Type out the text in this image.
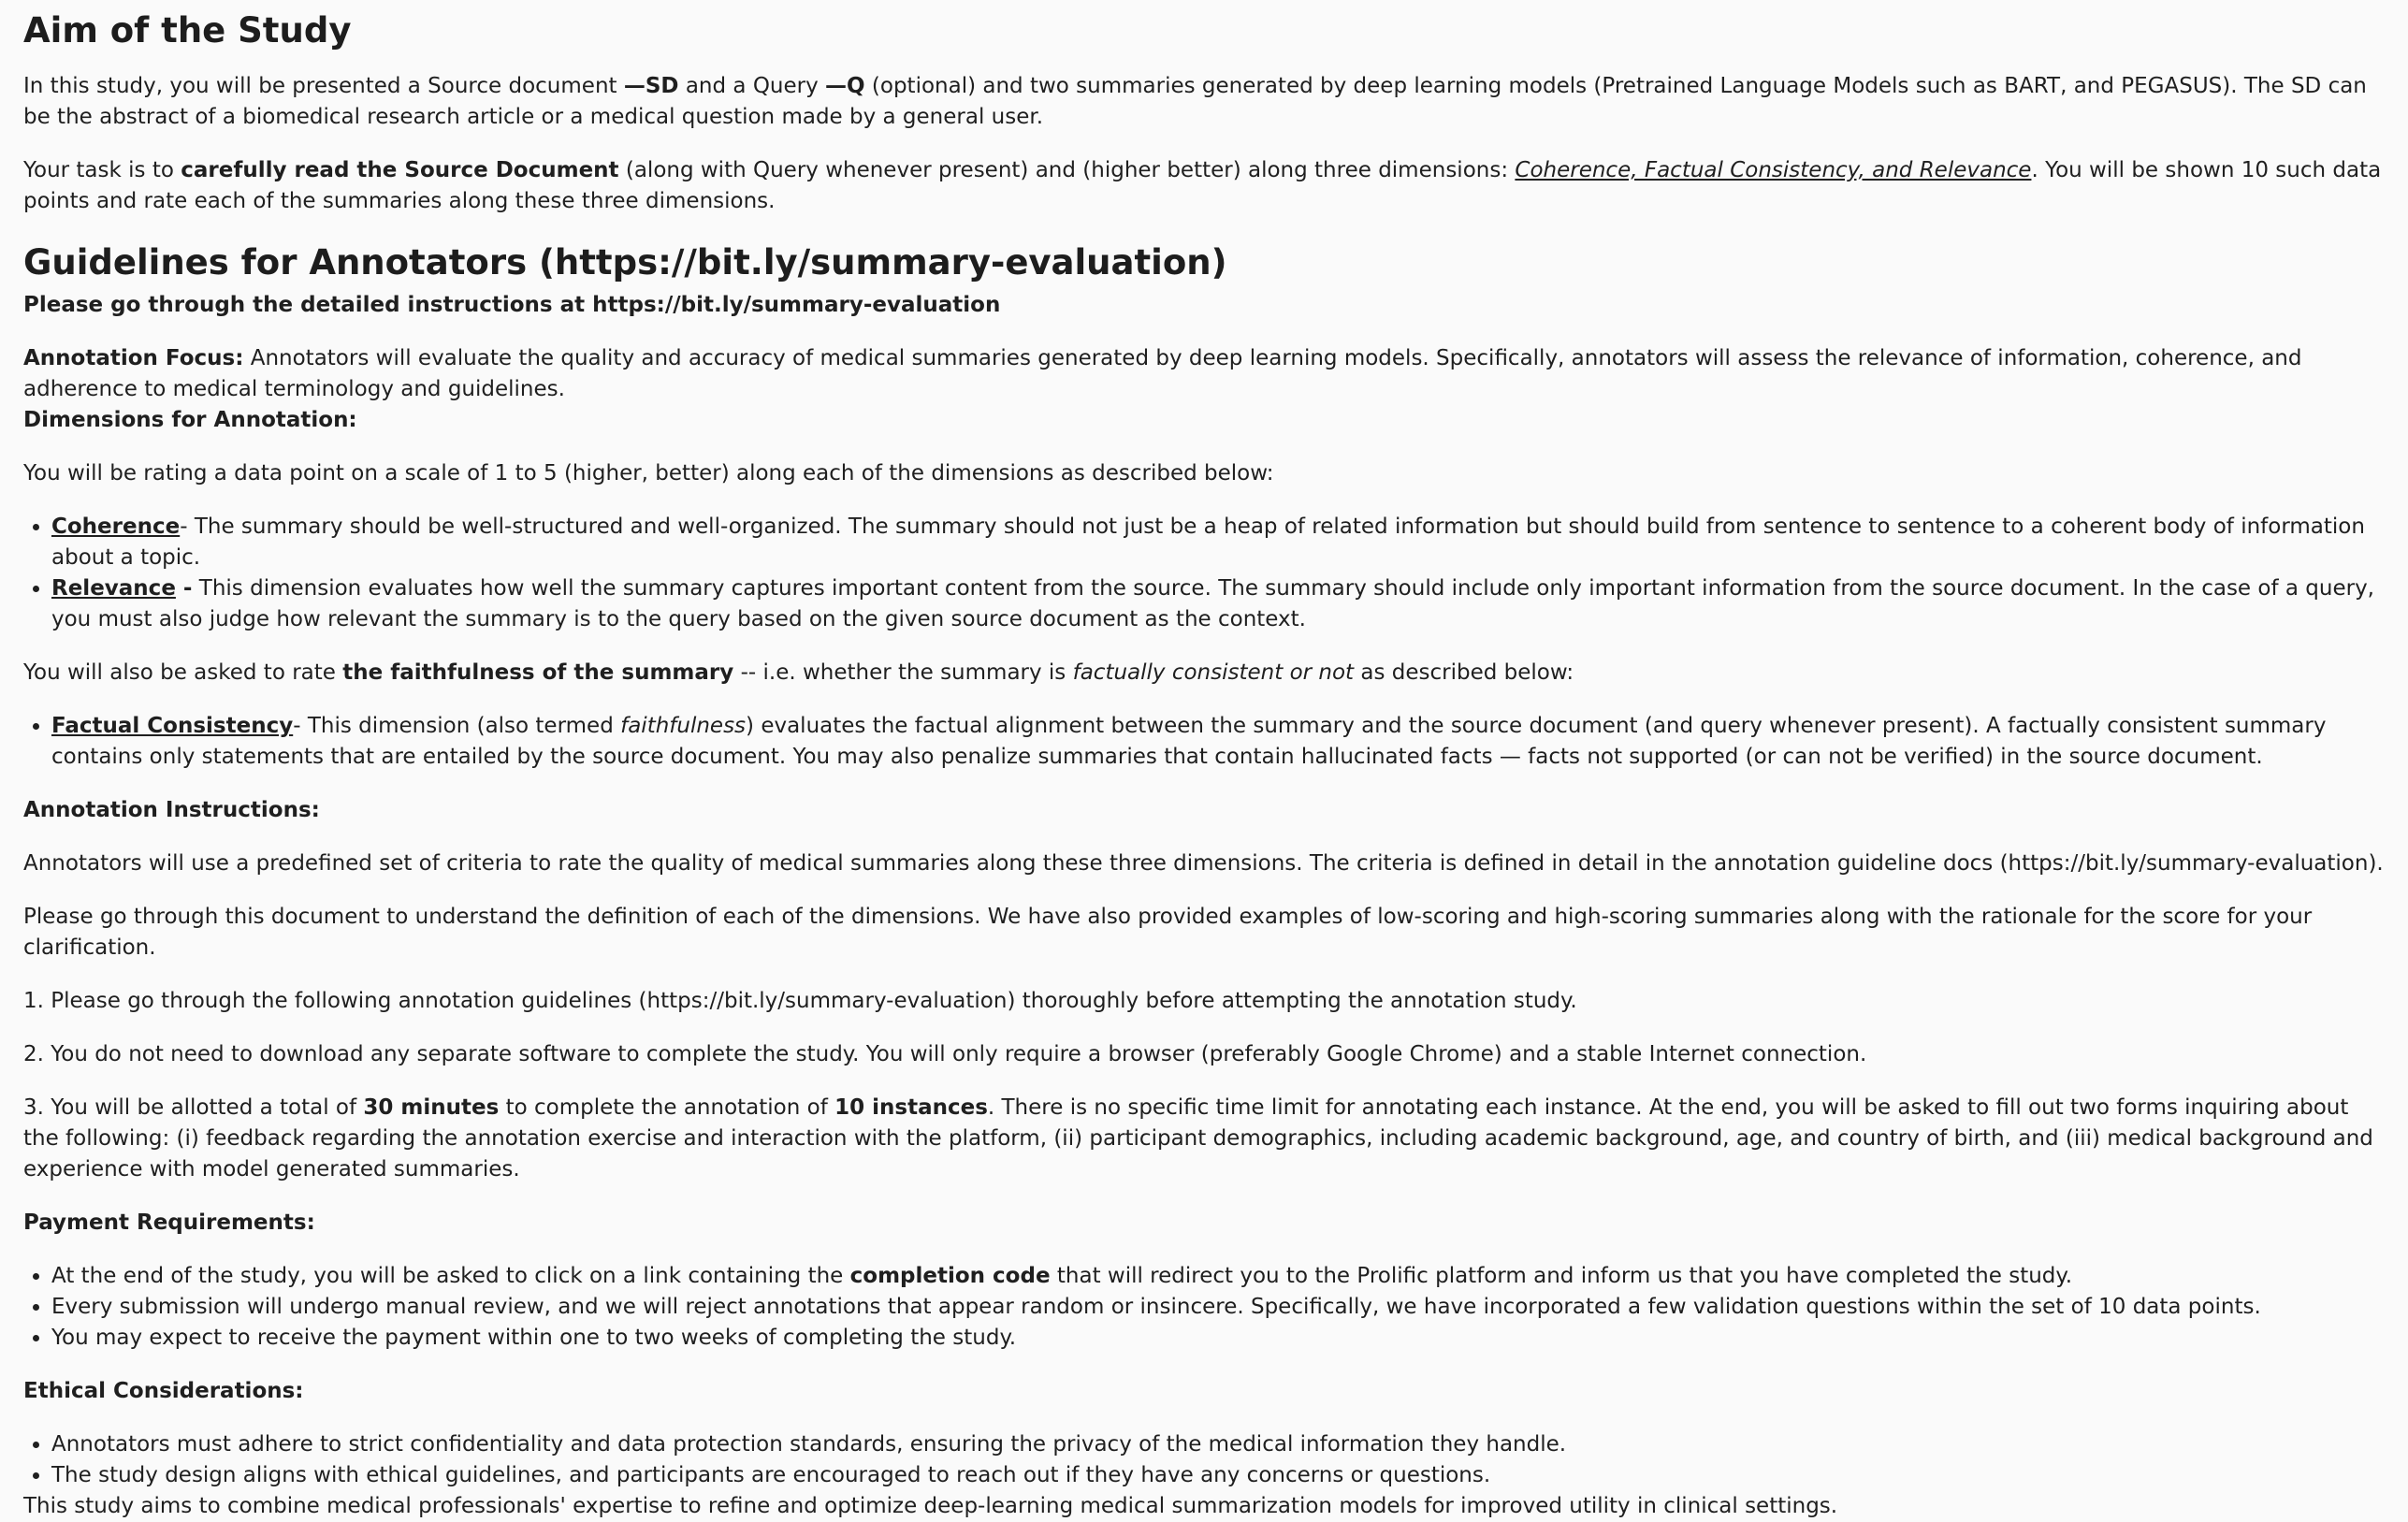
Aim of the Study

In this study, you will be presented a Source document —SD and a Query —Q (optional) and two summaries generated by deep learning models (Pretrained Language Models such as BART, and PEGASUS). The SD can be the abstract of a biomedical research article or a medical question made by a general user.

Your task is to carefully read the Source Document (along with Query whenever present) and (higher better) along three dimensions: Coherence, Factual Consistency, and Relevance. You will be shown 10 such data points and rate each of the summaries along these three dimensions.

Guidelines for Annotators (https://bit.ly/summary-evaluation)
Please go through the detailed instructions at https://bit.ly/summary-evaluation

Annotation Focus: Annotators will evaluate the quality and accuracy of medical summaries generated by deep learning models. Specifically, annotators will assess the relevance of information, coherence, and adherence to medical terminology and guidelines.

Dimensions for Annotation:

You will be rating a data point on a scale of 1 to 5 (higher, better) along each of the dimensions as described below:

• Coherence- The summary should be well-structured and well-organized. The summary should not just be a heap of related information but should build from sentence to sentence to a coherent body of information about a topic.
• Relevance - This dimension evaluates how well the summary captures important content from the source. The summary should include only important information from the source document. In the case of a query, you must also judge how relevant the summary is to the query based on the given source document as the context.

You will also be asked to rate the faithfulness of the summary -- i.e. whether the summary is factually consistent or not as described below:

• Factual Consistency- This dimension (also termed faithfulness) evaluates the factual alignment between the summary and the source document (and query whenever present). A factually consistent summary contains only statements that are entailed by the source document. You may also penalize summaries that contain hallucinated facts — facts not supported (or can not be verified) in the source document.

Annotation Instructions:

Annotators will use a predefined set of criteria to rate the quality of medical summaries along these three dimensions. The criteria is defined in detail in the annotation guideline docs (https://bit.ly/summary-evaluation).

Please go through this document to understand the definition of each of the dimensions. We have also provided examples of low-scoring and high-scoring summaries along with the rationale for the score for your clarification.

1. Please go through the following annotation guidelines (https://bit.ly/summary-evaluation) thoroughly before attempting the annotation study.

2. You do not need to download any separate software to complete the study. You will only require a browser (preferably Google Chrome) and a stable Internet connection.

3. You will be allotted a total of 30 minutes to complete the annotation of 10 instances. There is no specific time limit for annotating each instance. At the end, you will be asked to fill out two forms inquiring about the following: (i) feedback regarding the annotation exercise and interaction with the platform, (ii) participant demographics, including academic background, age, and country of birth, and (iii) medical background and experience with model generated summaries.

Payment Requirements:

• At the end of the study, you will be asked to click on a link containing the completion code that will redirect you to the Prolific platform and inform us that you have completed the study.
• Every submission will undergo manual review, and we will reject annotations that appear random or insincere. Specifically, we have incorporated a few validation questions within the set of 10 data points.
• You may expect to receive the payment within one to two weeks of completing the study.

Ethical Considerations:

• Annotators must adhere to strict confidentiality and data protection standards, ensuring the privacy of the medical information they handle.
• The study design aligns with ethical guidelines, and participants are encouraged to reach out if they have any concerns or questions.

This study aims to combine medical professionals' expertise to refine and optimize deep-learning medical summarization models for improved utility in clinical settings.
